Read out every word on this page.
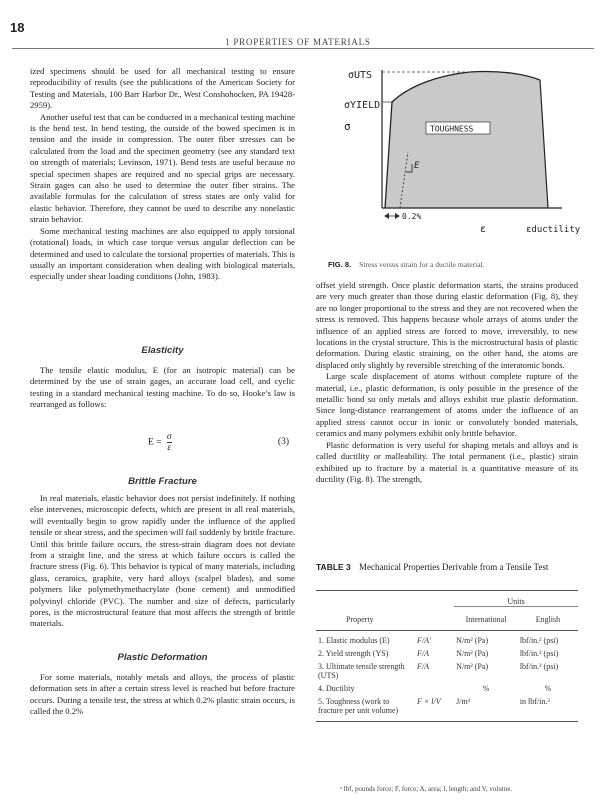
18
1 PROPERTIES OF MATERIALS

ized specimens should be used for all mechanical testing to ensure reproducibility of results (see the publications of the American Society for Testing and Materials, 100 Barr Harbor Dr., West Conshohocken, PA 19428-2959).

Another useful test that can be conducted in a mechanical testing machine is the bend test. In bend testing, the outside of the bowed specimen is in tension and the inside in compression. The outer fiber stresses can be calculated from the load and the specimen geometry (see any standard text on strength of materials; Levinson, 1971). Bend tests are useful because no special specimen shapes are required and no special grips are necessary. Strain gages can also be used to determine the outer fiber strains. The available formulas for the calculation of stress states are only valid for elastic behavior. Therefore, they cannot be used to describe any nonelastic strain behavior.

Some mechanical testing machines are also equipped to apply torsional (rotational) loads, in which case torque versus angular deflection can be determined and used to calculate the torsional properties of materials. This is usually an important consideration when dealing with biological materials, especially under shear loading conditions (John, 1983).

Elasticity

The tensile elastic modulus, E (for an isotropic material) can be determined by the use of strain gages, an accurate load cell, and cyclic testing in a standard mechanical testing machine. To do so, Hooke’s law is rearranged as follows:

$E = \frac{\sigma}{\varepsilon}$	(3)
Brittle Fracture

In real materials, elastic behavior does not persist indefinitely. If nothing else intervenes, microscopic defects, which are present in all real materials, will eventually begin to grow rapidly under the influence of the applied tensile or shear stress, and the specimen will fail suddenly by brittle fracture. Until this brittle failure occurs, the stress-strain diagram does not deviate from a straight line, and the stress at which failure occurs is called the fracture stress (Fig. 6). This behavior is typical of many materials, including glass, ceramics, graphite, very hard alloys (scalpel blades), and some polymers like polymethymethacrylate (bone cement) and unmodified polyvinyl chloride (PVC). The number and size of defects, particularly pores, is the microstructural feature that most affects the strength of brittle materials.

Plastic Deformation

For some materials, notably metals and alloys, the process of plastic deformation sets in after a certain stress level is reached but before fracture occurs. During a tensile test, the stress at which 0.2% plastic strain occurs, is called the 0.2%

TOUGHNESS
E
σ
σUTS
σYIELD
0.2%
ε	εductility
FIG. 8. Stress versus strain for a ductile material.

offset yield strength. Once plastic deformation starts, the strains produced are very much greater than those during elastic deformation (Fig. 8), they are no longer proportional to the stress and they are not recovered when the stress is removed. This happens because whole arrays of atoms under the influence of an applied stress are forced to move, irreversibly, to new locations in the crystal structure. This is the microstructural basis of plastic deformation. During elastic straining, on the other hand, the atoms are displaced only slightly by reversible stretching of the interatomic bonds.

Large scale displacement of atoms without complete rupture of the material, i.e., plastic deformation, is only possible in the presence of the metallic bond so only metals and alloys exhibit true plastic deformation. Since long-distance rearrangement of atoms under the influence of an applied stress cannot occur in ionic or convolutely bonded materials, ceramics and many polymers exhibit only brittle behavior.

Plastic deformation is very useful for shaping metals and alloys and is called ductility or malleability. The total permanent (i.e., plastic) strain exhibited up to fracture by a material is a quantitative measure of its ductility (Fig. 8). The strength,

TABLE 3 Mechanical Properties Derivable from a Tensile Test
		Units	
Property		International	English
1. Elastic modulus (E)	F/A′	N/m² (Pa)	lbf/in.² (psi)
2. Yield strength (YS)	F/A	N/m² (Pa)	lbf/in.² (psi)
3. Ultimate tensile strength (UTS)	F/A	N/m² (Pa)	lbf/in.² (psi)
4. Ductility		%	%
5. Toughness (work to fracture per unit volume)	F × l/V	J/m³	in lbf/in.³
ᵃ lbf, pounds force; F, force; A, area; l, length; and V, volume.
